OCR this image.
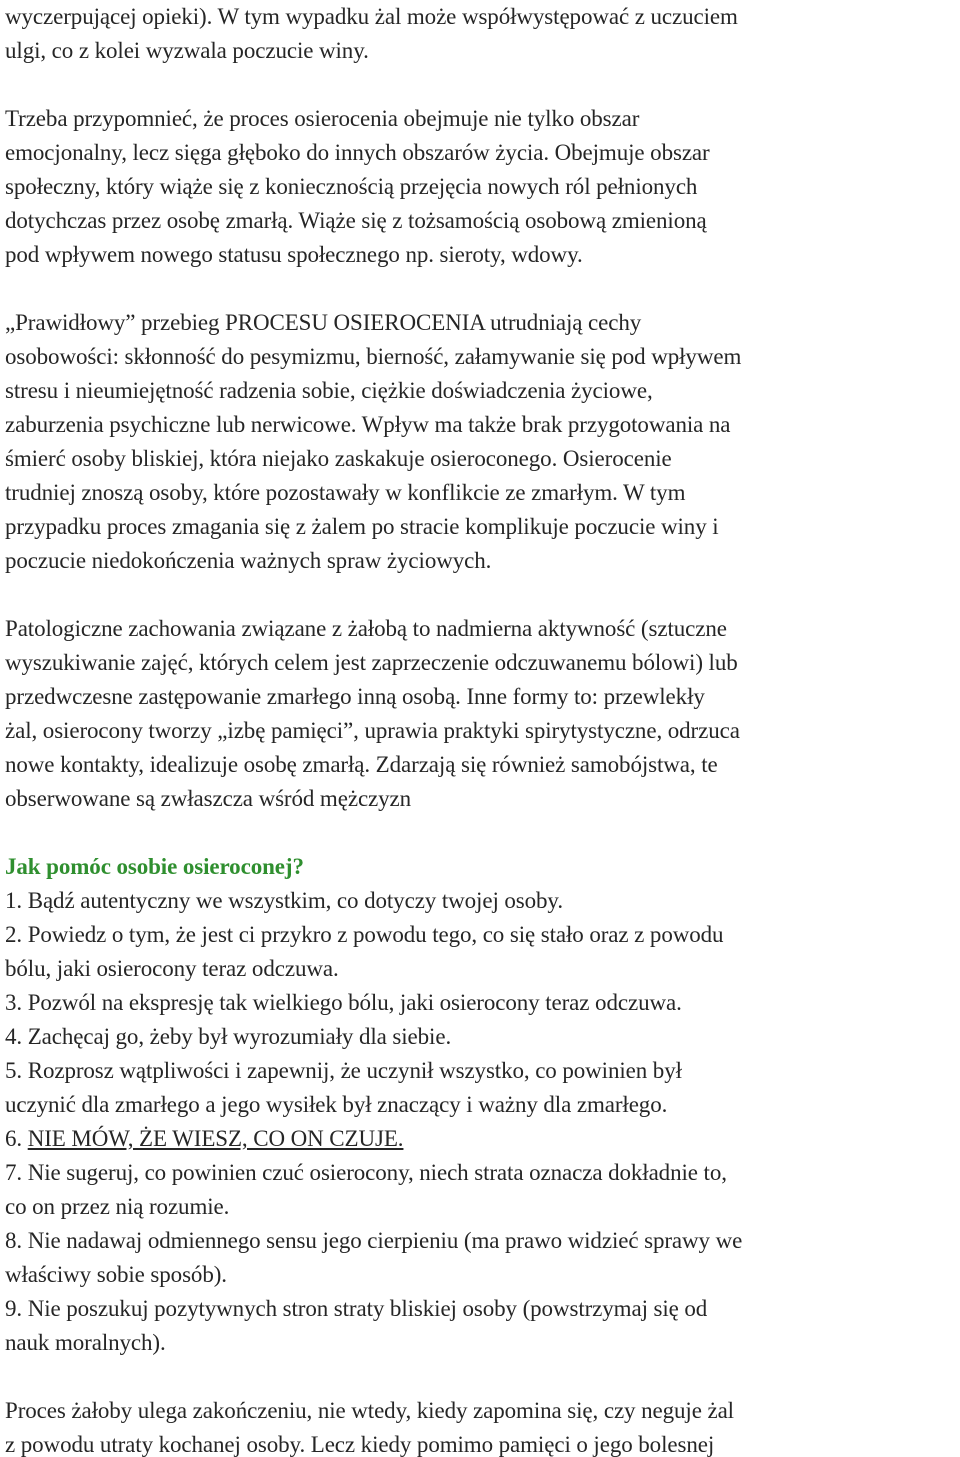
wyczerpującej opieki). W tym wypadku żal może współwystępować z uczuciem
ulgi, co z kolei wyzwala poczucie winy.

Trzeba przypomnieć, że proces osierocenia obejmuje nie tylko obszar
emocjonalny, lecz sięga głęboko do innych obszarów życia. Obejmuje obszar
społeczny, który wiąże się z koniecznością przejęcia nowych ról pełnionych
dotychczas przez osobę zmarłą. Wiąże się z tożsamością osobową zmienioną
pod wpływem nowego statusu społecznego np. sieroty, wdowy.

„Prawidłowy” przebieg PROCESU OSIEROCENIA utrudniają cechy
osobowości: skłonność do pesymizmu, bierność, załamywanie się pod wpływem
stresu i nieumiejętność radzenia sobie, ciężkie doświadczenia życiowe,
zaburzenia psychiczne lub nerwicowe. Wpływ ma także brak przygotowania na
śmierć osoby bliskiej, która niejako zaskakuje osieroconego. Osierocenie
trudniej znoszą osoby, które pozostawały w konflikcie ze zmarłym. W tym
przypadku proces zmagania się z żalem po stracie komplikuje poczucie winy i
poczucie niedokończenia ważnych spraw życiowych.

Patologiczne zachowania związane z żałobą to nadmierna aktywność (sztuczne
wyszukiwanie zajęć, których celem jest zaprzeczenie odczuwanemu bólowi) lub
przedwczesne zastępowanie zmarłego inną osobą. Inne formy to: przewlekły
żal, osierocony tworzy „izbę pamięci”, uprawia praktyki spirytystyczne, odrzuca
nowe kontakty, idealizuje osobę zmarłą. Zdarzają się również samobójstwa, te
obserwowane są zwłaszcza wśród mężczyzn

Jak pomóc osobie osieroconej?

1. Bądź autentyczny we wszystkim, co dotyczy twojej osoby.
2. Powiedz o tym, że jest ci przykro z powodu tego, co się stało oraz z powodu
bólu, jaki osierocony teraz odczuwa.
3. Pozwól na ekspresję tak wielkiego bólu, jaki osierocony teraz odczuwa.
4. Zachęcaj go, żeby był wyrozumiały dla siebie.
5. Rozprosz wątpliwości i zapewnij, że uczynił wszystko, co powinien był
uczynić dla zmarłego a jego wysiłek był znaczący i ważny dla zmarłego.
6. NIE MÓW, ŻE WIESZ, CO ON CZUJE.
7. Nie sugeruj, co powinien czuć osierocony, niech strata oznacza dokładnie to,
co on przez nią rozumie.
8. Nie nadawaj odmiennego sensu jego cierpieniu (ma prawo widzieć sprawy we
właściwy sobie sposób).
9. Nie poszukuj pozytywnych stron straty bliskiej osoby (powstrzymaj się od
nauk moralnych).

Proces żałoby ulega zakończeniu, nie wtedy, kiedy zapomina się, czy neguje żal
z powodu utraty kochanej osoby. Lecz kiedy pomimo pamięci o jego bolesnej
